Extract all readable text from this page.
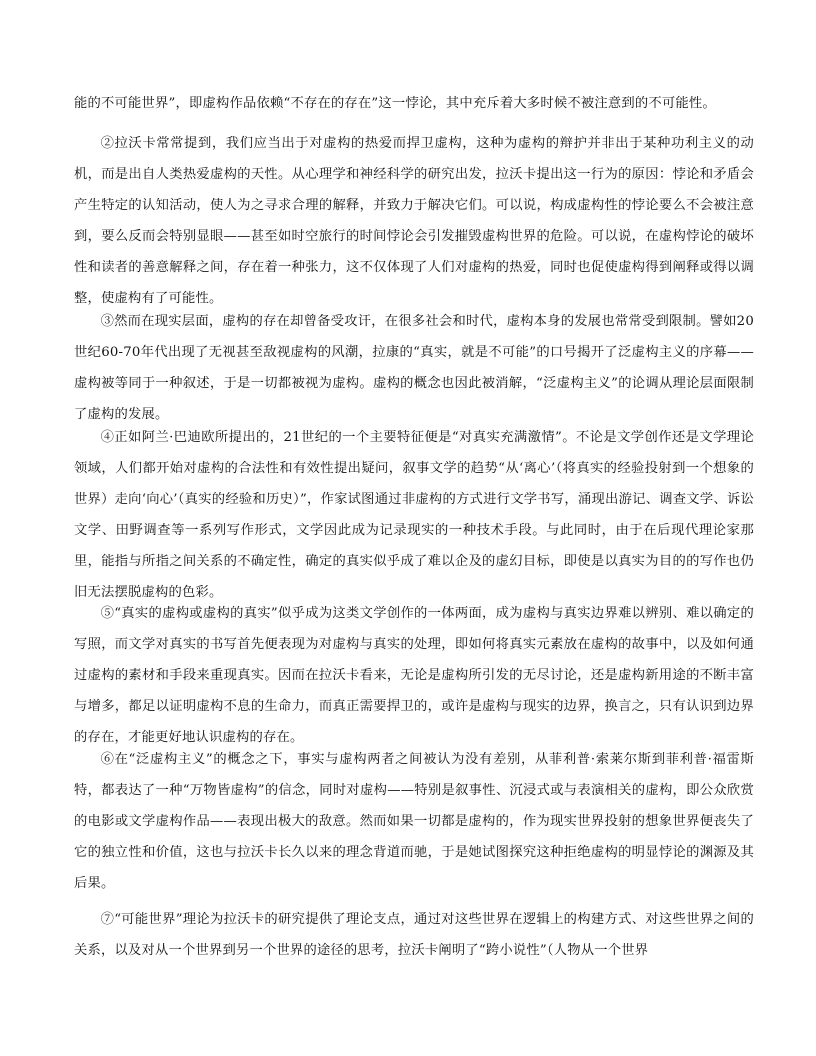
能的不可能世界”，即虚构作品依赖“不存在的存在”这一悖论，其中充斥着大多时候不被注意到的不可能性。

②拉沃卡常常提到，我们应当出于对虚构的热爱而捍卫虚构，这种为虚构的辩护并非出于某种功利主义的动机，而是出自人类热爱虚构的天性。从心理学和神经科学的研究出发，拉沃卡提出这一行为的原因：悖论和矛盾会产生特定的认知活动，使人为之寻求合理的解释，并致力于解决它们。可以说，构成虚构性的悖论要么不会被注意到，要么反而会特别显眼——甚至如时空旅行的时间悖论会引发摧毁虚构世界的危险。可以说，在虚构悖论的破坏性和读者的善意解释之间，存在着一种张力，这不仅体现了人们对虚构的热爱，同时也促使虚构得到阐释或得以调整，使虚构有了可能性。

③然而在现实层面，虚构的存在却曾备受攻讦，在很多社会和时代，虚构本身的发展也常常受到限制。譬如20世纪60-70年代出现了无视甚至敌视虚构的风潮，拉康的“真实，就是不可能”的口号揭开了泛虚构主义的序幕——虚构被等同于一种叙述，于是一切都被视为虚构。虚构的概念也因此被消解，“泛虚构主义”的论调从理论层面限制了虚构的发展。

④正如阿兰·巴迪欧所提出的，21世纪的一个主要特征便是“对真实充满激情”。不论是文学创作还是文学理论领域，人们都开始对虚构的合法性和有效性提出疑问，叙事文学的趋势“从‘离心’（将真实的经验投射到一个想象的世界）走向‘向心’（真实的经验和历史）”，作家试图通过非虚构的方式进行文学书写，涌现出游记、调查文学、诉讼文学、田野调查等一系列写作形式，文学因此成为记录现实的一种技术手段。与此同时，由于在后现代理论家那里，能指与所指之间关系的不确定性，确定的真实似乎成了难以企及的虚幻目标，即使是以真实为目的的写作也仍旧无法摆脱虚构的色彩。

⑤“真实的虚构或虚构的真实”似乎成为这类文学创作的一体两面，成为虚构与真实边界难以辨别、难以确定的写照，而文学对真实的书写首先便表现为对虚构与真实的处理，即如何将真实元素放在虚构的故事中，以及如何通过虚构的素材和手段来重现真实。因而在拉沃卡看来，无论是虚构所引发的无尽讨论，还是虚构新用途的不断丰富与增多，都足以证明虚构不息的生命力，而真正需要捍卫的，或许是虚构与现实的边界，换言之，只有认识到边界的存在，才能更好地认识虚构的存在。

⑥在“泛虚构主义”的概念之下，事实与虚构两者之间被认为没有差别，从菲利普·索莱尔斯到菲利普·福雷斯特，都表达了一种“万物皆虚构”的信念，同时对虚构——特别是叙事性、沉浸式或与表演相关的虚构，即公众欣赏的电影或文学虚构作品——表现出极大的敌意。然而如果一切都是虚构的，作为现实世界投射的想象世界便丧失了它的独立性和价值，这也与拉沃卡长久以来的理念背道而驰，于是她试图探究这种拒绝虚构的明显悖论的渊源及其后果。

⑦“可能世界”理论为拉沃卡的研究提供了理论支点，通过对这些世界在逻辑上的构建方式、对这些世界之间的关系，以及对从一个世界到另一个世界的途径的思考，拉沃卡阐明了“跨小说性”（人物从一个世界
